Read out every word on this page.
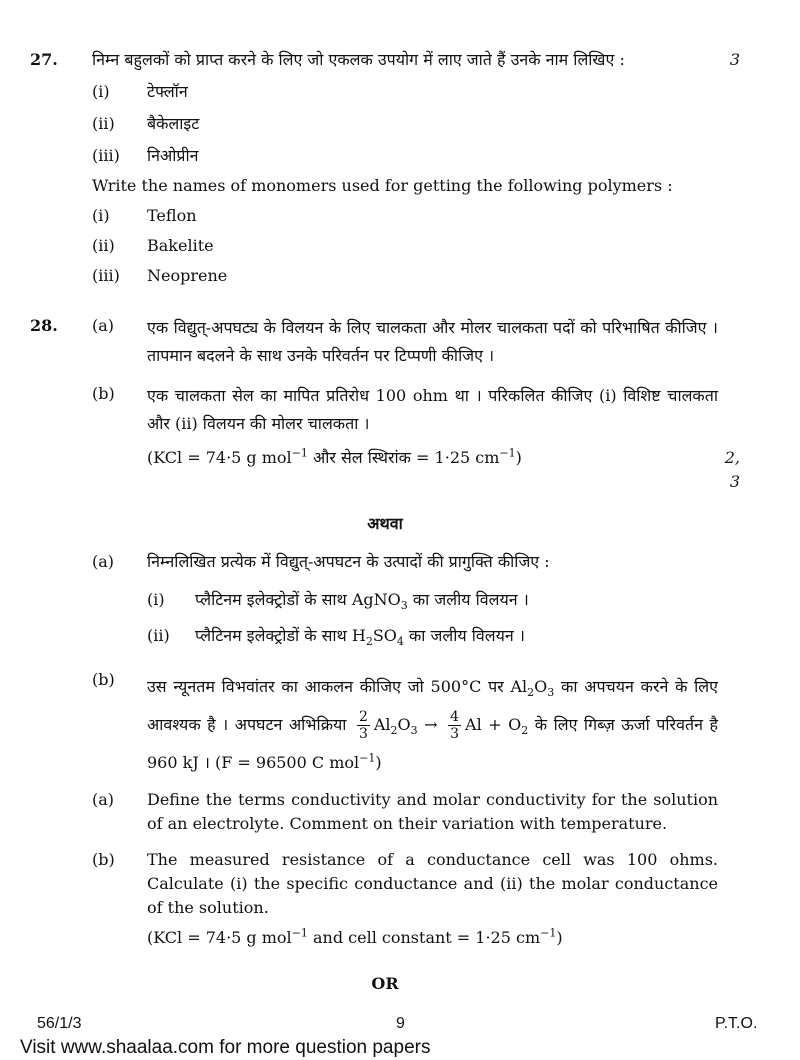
27.	निम्न बहुलकों को प्राप्त करने के लिए जो एकलक उपयोग में लाए जाते हैं उनके नाम लिखिए :	3
(i)	टेफ्लॉन
(ii)	बैकेलाइट
(iii)	निओप्रीन
Write the names of monomers used for getting the following polymers :
(i)	Teflon
(ii)	Bakelite
(iii)	Neoprene
28.	(a)	एक विद्युत्-अपघट्य के विलयन के लिए चालकता और मोलर चालकता पदों को परिभाषित कीजिए । तापमान बदलने के साथ उनके परिवर्तन पर टिप्पणी कीजिए ।
(b)	एक चालकता सेल का मापित प्रतिरोध 100 ohm था । परिकलित कीजिए (i) विशिष्ट चालकता और (ii) विलयन की मोलर चालकता ।
(KCl = 74·5 g mol$^{-1}$ और सेल स्थिरांक = 1·25 $cm^{-1}$)	2, 3
अथवा
(a)	निम्नलिखित प्रत्येक में विद्युत्-अपघटन के उत्पादों की प्रागुक्ति कीजिए :
(i)	प्लैटिनम इलेक्ट्रोडों के साथ AgNO$_3$ का जलीय विलयन ।
(ii)	प्लैटिनम इलेक्ट्रोडों के साथ $H_2SO_4$ का जलीय विलयन ।
(b)	उस न्यूनतम विभवांतर का आकलन कीजिए जो 500°C पर $Al_2O_3$ का अपचयन करने के लिए आवश्यक है । अपघटन अभिक्रिया $\frac{2}{3} Al_2O_3 \to \frac{4}{3}$ $Al + O_2$ के लिए गिब्ज़ ऊर्जा परिवर्तन है 960 kJ । (F = 96500 C mol$^{-1}$)
(a)	Define the terms conductivity and molar conductivity for the solution of an electrolyte. Comment on their variation with temperature.
(b)	The measured resistance of a conductance cell was 100 ohms. Calculate (i) the specific conductance and (ii) the molar conductance of the solution.
(KCl = 74·5 g mol$^{-1}$ and cell constant = 1·25 $cm^{-1}$)
OR
56/1/3	9	P.T.O.
Visit www.shaalaa.com for more question papers
